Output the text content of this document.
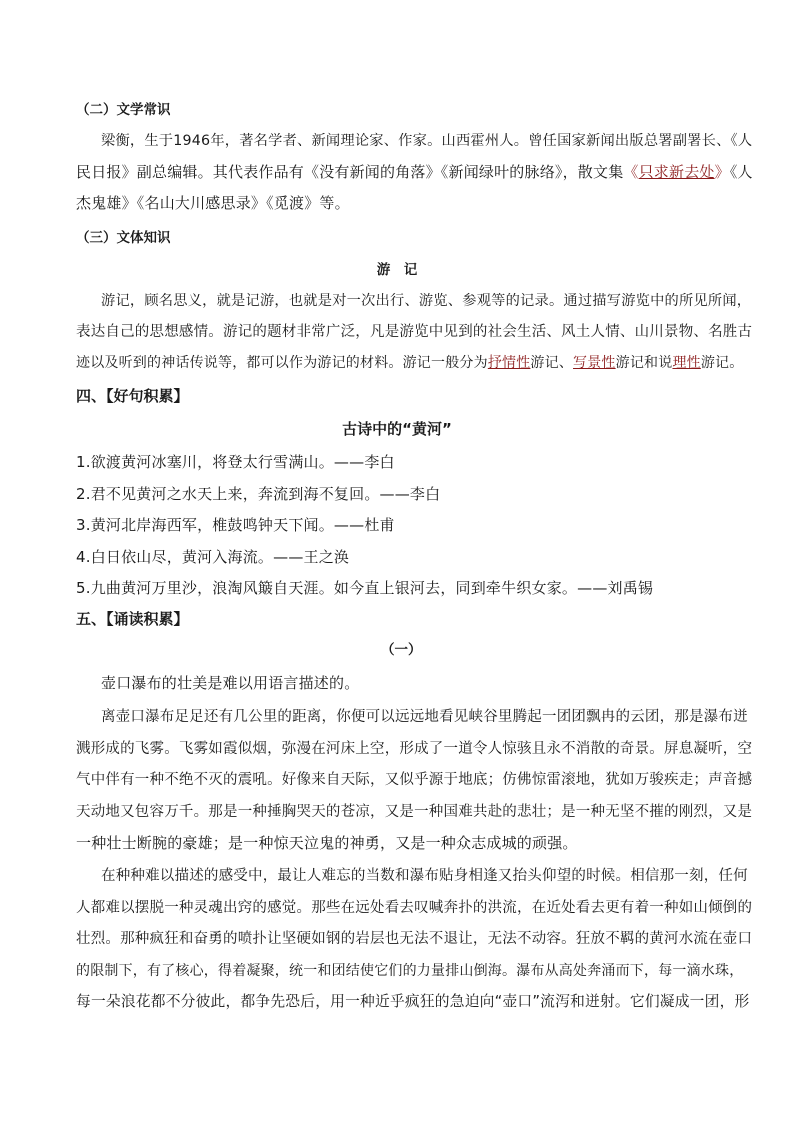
（二）文学常识
梁衡，生于1946年，著名学者、新闻理论家、作家。山西霍州人。曾任国家新闻出版总署副署长、《人
民日报》副总编辑。其代表作品有《没有新闻的角落》《新闻绿叶的脉络》，散文集《只求新去处》《人
杰鬼雄》《名山大川感思录》《觅渡》等。
（三）文体知识
游　记
游记，顾名思义，就是记游，也就是对一次出行、游览、参观等的记录。通过描写游览中的所见所闻，
表达自己的思想感情。游记的题材非常广泛，凡是游览中见到的社会生活、风土人情、山川景物、名胜古
迹以及听到的神话传说等，都可以作为游记的材料。游记一般分为抒情性游记、写景性游记和说理性游记。
四、【好句积累】
古诗中的“黄河”
1.欲渡黄河冰塞川，将登太行雪满山。——李白
2.君不见黄河之水天上来，奔流到海不复回。——李白
3.黄河北岸海西军，椎鼓鸣钟天下闻。——杜甫
4.白日依山尽，黄河入海流。——王之涣
5.九曲黄河万里沙，浪淘风簸自天涯。如今直上银河去，同到牵牛织女家。——刘禹锡
五、【诵读积累】
（一）
壶口瀑布的壮美是难以用语言描述的。
离壶口瀑布足足还有几公里的距离，你便可以远远地看见峡谷里腾起一团团飘冉的云团，那是瀑布迸
溅形成的飞雾。飞雾如霞似烟，弥漫在河床上空，形成了一道令人惊骇且永不消散的奇景。屏息凝听，空
气中伴有一种不绝不灭的震吼。好像来自天际，又似乎源于地底；仿佛惊雷滚地，犹如万骏疾走；声音撼
天动地又包容万千。那是一种捶胸哭天的苍凉，又是一种国难共赴的悲壮；是一种无坚不摧的刚烈，又是
一种壮士断腕的豪雄；是一种惊天泣鬼的神勇，又是一种众志成城的顽强。
在种种难以描述的感受中，最让人难忘的当数和瀑布贴身相逢又抬头仰望的时候。相信那一刻，任何
人都难以摆脱一种灵魂出窍的感觉。那些在远处看去叹喊奔扑的洪流，在近处看去更有着一种如山倾倒的
壮烈。那种疯狂和奋勇的喷扑让坚硬如钢的岩层也无法不退让，无法不动容。狂放不羁的黄河水流在壶口
的限制下，有了核心，得着凝聚，统一和团结使它们的力量排山倒海。瀑布从高处奔涌而下，每一滴水珠，
每一朵浪花都不分彼此，都争先恐后，用一种近乎疯狂的急迫向“壶口”流泻和迸射。它们凝成一团，形
